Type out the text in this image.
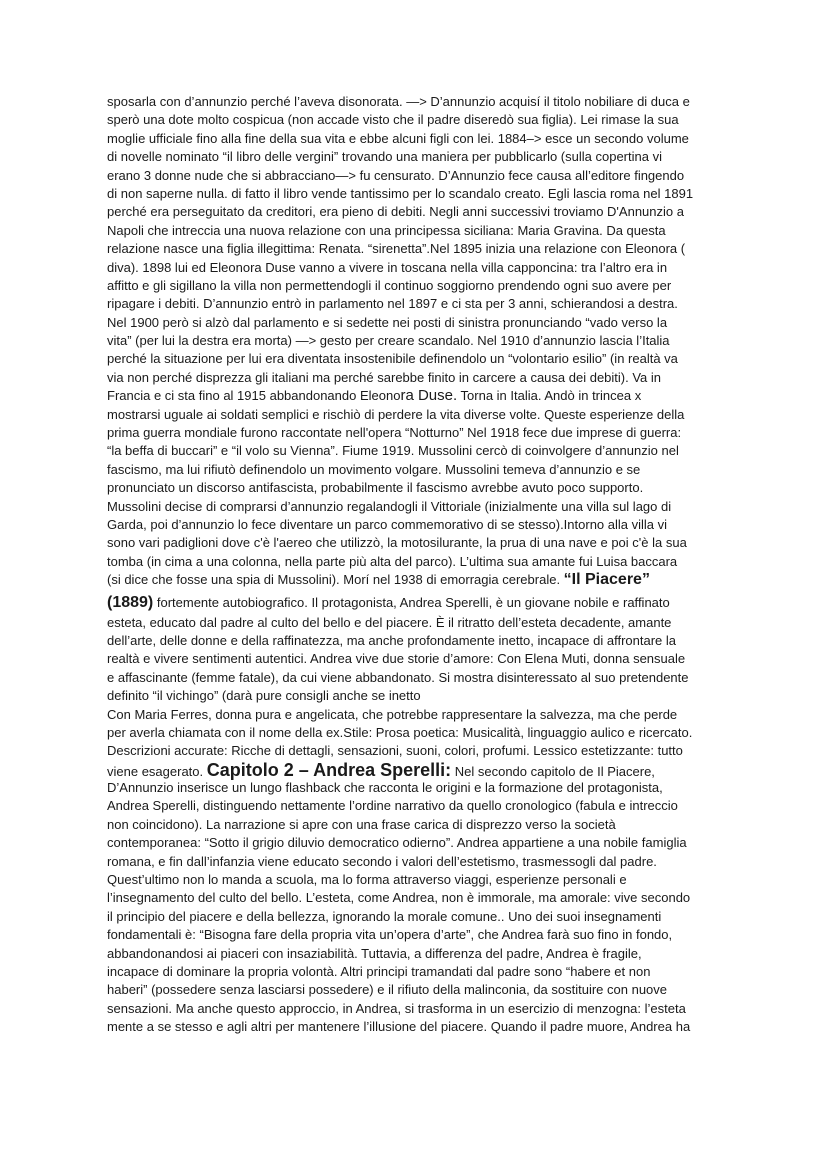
sposarla con d’annunzio perché l’aveva disonorata. —> D’annunzio acquisí il titolo nobiliare di duca e
sperò una dote molto cospicua (non accade visto che il padre diseredò sua figlia). Lei rimase la sua
moglie ufficiale fino alla fine della sua vita e ebbe alcuni figli con lei. 1884–> esce un secondo volume
di novelle nominato “il libro delle vergini” trovando una maniera per pubblicarlo (sulla copertina vi
erano 3 donne nude che si abbracciano—> fu censurato. D’Annunzio fece causa all’editore fingendo
di non saperne nulla. di fatto il libro vende tantissimo per lo scandalo creato. Egli lascia roma nel 1891
perché era perseguitato da creditori, era pieno di debiti. Negli anni successivi troviamo D'Annunzio a
Napoli che intreccia una nuova relazione con una principessa siciliana: Maria Gravina. Da questa
relazione nasce una figlia illegittima: Renata. “sirenetta”.Nel 1895 inizia una relazione con Eleonora (
diva). 1898 lui ed Eleonora Duse vanno a vivere in toscana nella villa capponcina: tra l’altro era in
affitto e gli sigillano la villa non permettendogli il continuo soggiorno prendendo ogni suo avere per
ripagare i debiti. D’annunzio entrò in parlamento nel 1897 e ci sta per 3 anni, schierandosi a destra.
Nel 1900 però si alzò dal parlamento e si sedette nei posti di sinistra pronunciando “vado verso la
vita” (per lui la destra era morta) —> gesto per creare scandalo. Nel 1910 d’annunzio lascia l’Italia
perché la situazione per lui era diventata insostenibile definendolo un “volontario esilio” (in realtà va
via non perché disprezza gli italiani ma perché sarebbe finito in carcere a causa dei debiti). Va in
Francia e ci sta fino al 1915 abbandonando Eleonora Duse. Torna in Italia. Andò in trincea x
mostrarsi uguale ai soldati semplici e rischiò di perdere la vita diverse volte. Queste esperienze della
prima guerra mondiale furono raccontate nell'opera “Notturno” Nel 1918 fece due imprese di guerra:
“la beffa di buccari” e “il volo su Vienna”. Fiume 1919. Mussolini cercò di coinvolgere d’annunzio nel
fascismo, ma lui rifiutò definendolo un movimento volgare. Mussolini temeva d’annunzio e se
pronunciato un discorso antifascista, probabilmente il fascismo avrebbe avuto poco supporto.
Mussolini decise di comprarsi d’annunzio regalandogli il Vittoriale (inizialmente una villa sul lago di
Garda, poi d’annunzio lo fece diventare un parco commemorativo di se stesso).Intorno alla villa vi
sono vari padiglioni dove c'è l'aereo che utilizzò, la motosilurante, la prua di una nave e poi c'è la sua
tomba (in cima a una colonna, nella parte più alta del parco). L’ultima sua amante fui Luisa baccara
(si dice che fosse una spia di Mussolini). Morí nel 1938 di emorragia cerebrale. “Il Piacere”
(1889) fortemente autobiografico. Il protagonista, Andrea Sperelli, è un giovane nobile e raffinato
esteta, educato dal padre al culto del bello e del piacere. È il ritratto dell’esteta decadente, amante
dell’arte, delle donne e della raffinatezza, ma anche profondamente inetto, incapace di affrontare la
realtà e vivere sentimenti autentici. Andrea vive due storie d’amore: Con Elena Muti, donna sensuale
e affascinante (femme fatale), da cui viene abbandonato. Si mostra disinteressato al suo pretendente
definito “il vichingo” (darà pure consigli anche se inetto
Con Maria Ferres, donna pura e angelicata, che potrebbe rappresentare la salvezza, ma che perde
per averla chiamata con il nome della ex.Stile: Prosa poetica: Musicalità, linguaggio aulico e ricercato.
Descrizioni accurate: Ricche di dettagli, sensazioni, suoni, colori, profumi. Lessico estetizzante: tutto
viene esagerato. Capitolo 2 – Andrea Sperelli: Nel secondo capitolo de Il Piacere,
D’Annunzio inserisce un lungo flashback che racconta le origini e la formazione del protagonista,
Andrea Sperelli, distinguendo nettamente l’ordine narrativo da quello cronologico (fabula e intreccio
non coincidono). La narrazione si apre con una frase carica di disprezzo verso la società
contemporanea: “Sotto il grigio diluvio democratico odierno”. Andrea appartiene a una nobile famiglia
romana, e fin dall’infanzia viene educato secondo i valori dell’estetismo, trasmessogli dal padre.
Quest’ultimo non lo manda a scuola, ma lo forma attraverso viaggi, esperienze personali e
l’insegnamento del culto del bello. L’esteta, come Andrea, non è immorale, ma amorale: vive secondo
il principio del piacere e della bellezza, ignorando la morale comune.. Uno dei suoi insegnamenti
fondamentali è: “Bisogna fare della propria vita un’opera d’arte”, che Andrea farà suo fino in fondo,
abbandonandosi ai piaceri con insaziabilità. Tuttavia, a differenza del padre, Andrea è fragile,
incapace di dominare la propria volontà. Altri principi tramandati dal padre sono “habere et non
haberi” (possedere senza lasciarsi possedere) e il rifiuto della malinconia, da sostituire con nuove
sensazioni. Ma anche questo approccio, in Andrea, si trasforma in un esercizio di menzogna: l’esteta
mente a se stesso e agli altri per mantenere l’illusione del piacere. Quando il padre muore, Andrea ha
